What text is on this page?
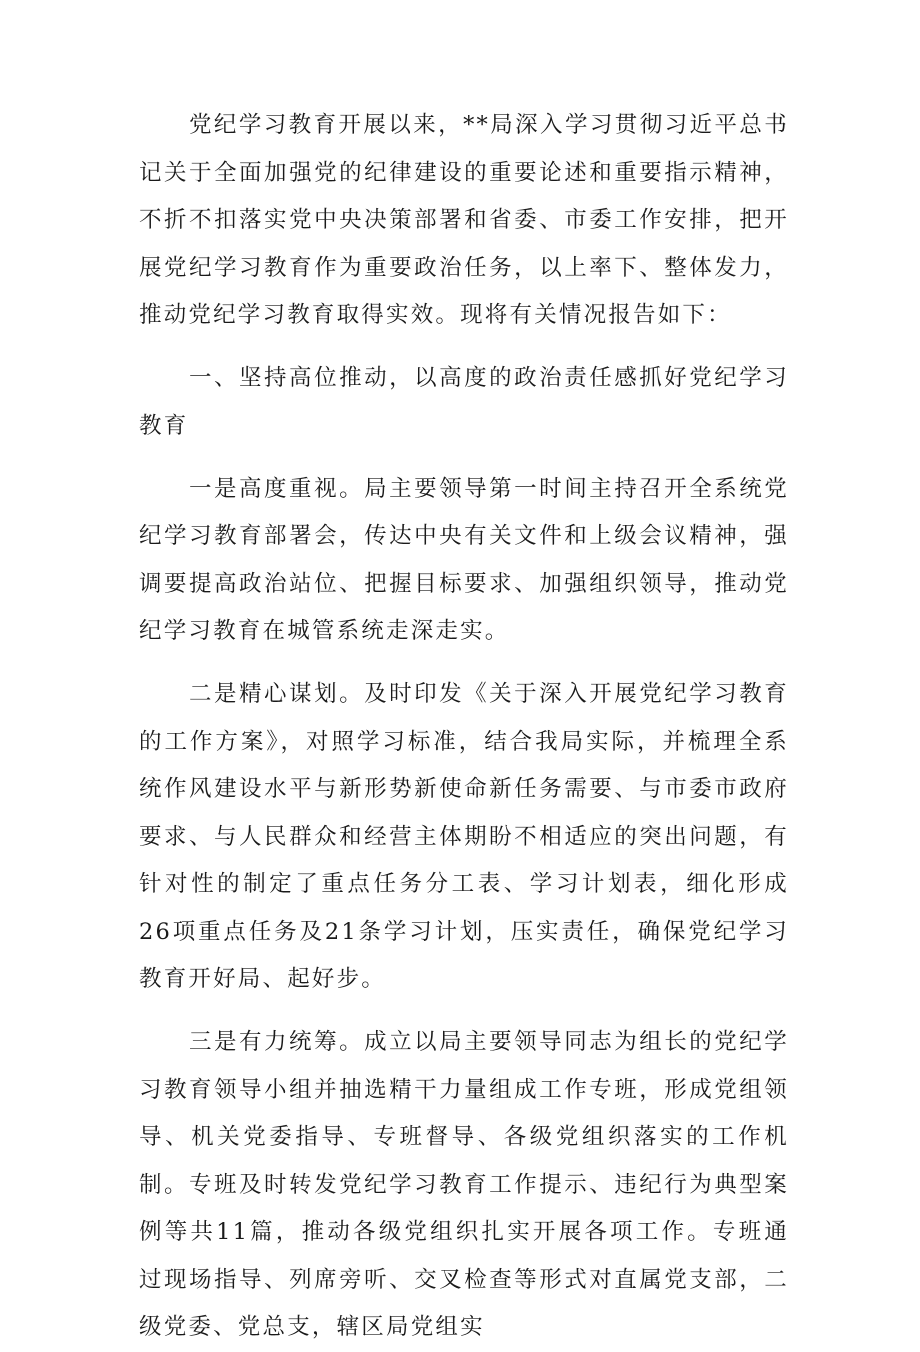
党纪学习教育开展以来，**局深入学习贯彻习近平总书记关于全面加强党的纪律建设的重要论述和重要指示精神，不折不扣落实党中央决策部署和省委、市委工作安排，把开展党纪学习教育作为重要政治任务，以上率下、整体发力，推动党纪学习教育取得实效。现将有关情况报告如下：

一、坚持高位推动，以高度的政治责任感抓好党纪学习教育

一是高度重视。局主要领导第一时间主持召开全系统党纪学习教育部署会，传达中央有关文件和上级会议精神，强调要提高政治站位、把握目标要求、加强组织领导，推动党纪学习教育在城管系统走深走实。

二是精心谋划。及时印发《关于深入开展党纪学习教育的工作方案》，对照学习标准，结合我局实际，并梳理全系统作风建设水平与新形势新使命新任务需要、与市委市政府要求、与人民群众和经营主体期盼不相适应的突出问题，有针对性的制定了重点任务分工表、学习计划表，细化形成26项重点任务及21条学习计划，压实责任，确保党纪学习教育开好局、起好步。

三是有力统筹。成立以局主要领导同志为组长的党纪学习教育领导小组并抽选精干力量组成工作专班，形成党组领导、机关党委指导、专班督导、各级党组织落实的工作机制。专班及时转发党纪学习教育工作提示、违纪行为典型案例等共11篇，推动各级党组织扎实开展各项工作。专班通过现场指导、列席旁听、交叉检查等形式对直属党支部，二级党委、党总支，辖区局党组实
